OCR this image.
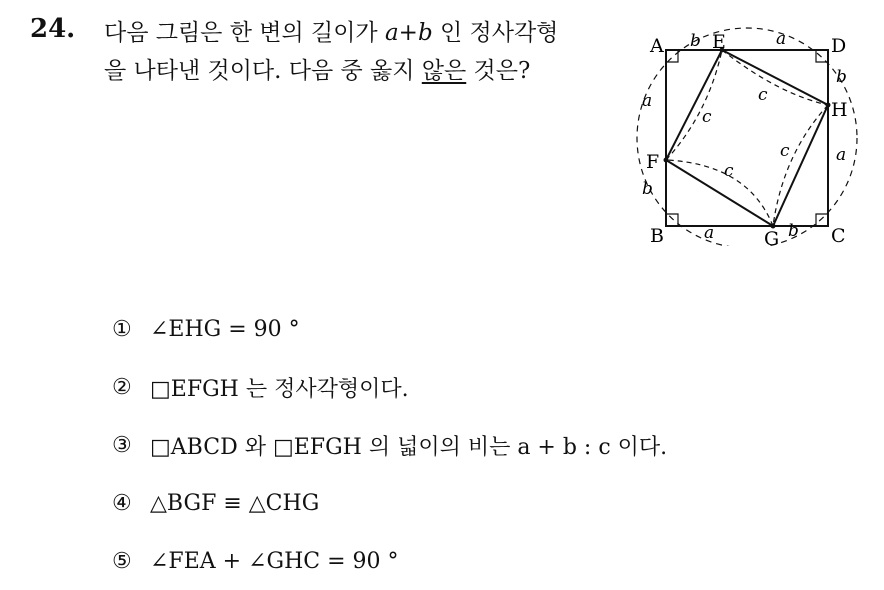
24. 다음 그림은 한 변의 길이가 a+b 인 정사각형
을 나타낸 것이다. 다음 중 옳지 않은 것은?
A
B	C
D
E
F
G
H
b	a
b
a
b
a
b
a	c
c
c
c
① ∠EHG = 90 °
② □EFGH 는 정사각형이다.
③ □ABCD 와 □EFGH 의 넓이의 비는 a + b : c 이다.
④ △BGF ≡ △CHG
⑤ ∠FEA + ∠GHC = 90 °
